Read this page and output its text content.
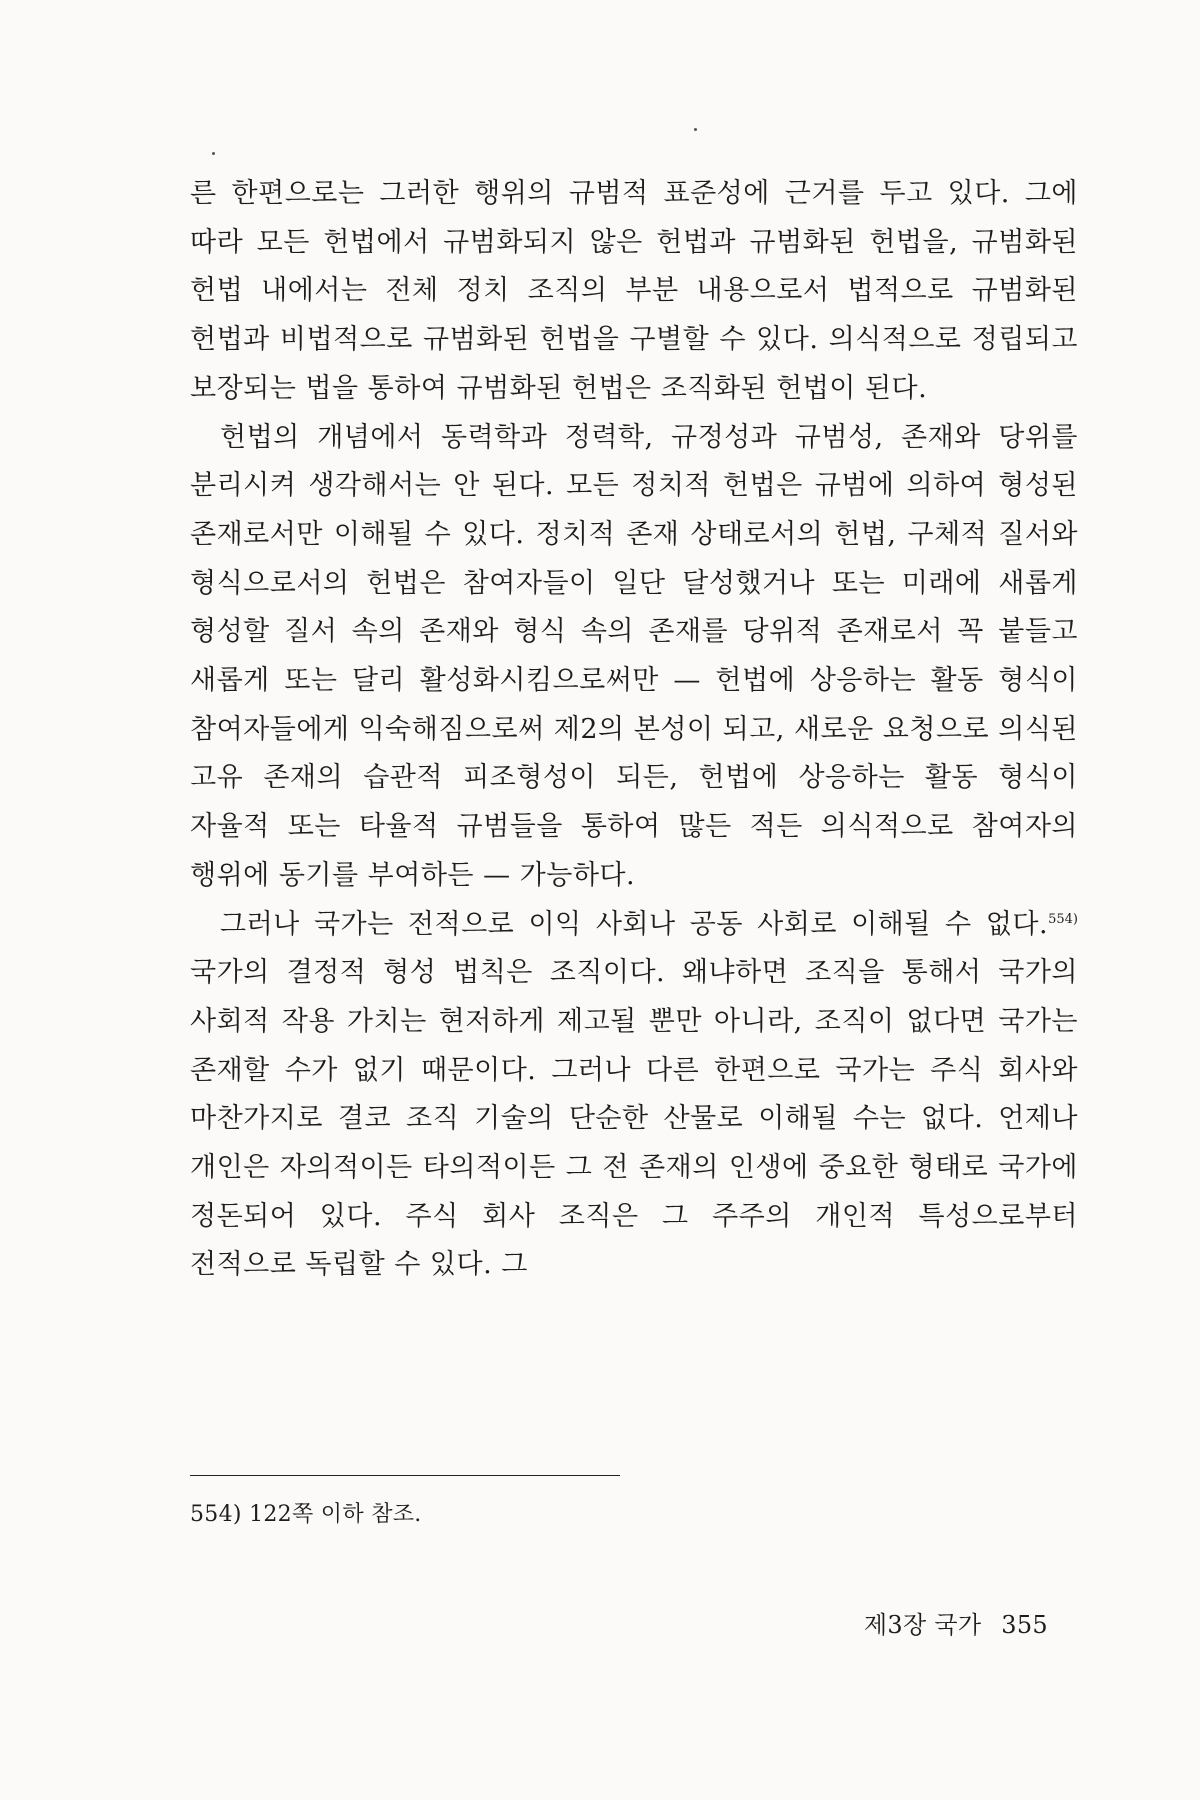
른 한편으로는 그러한 행위의 규범적 표준성에 근거를 두고 있다. 그에 따라 모든 헌법에서 규범화되지 않은 헌법과 규범화된 헌법을, 규범화된 헌법 내에서는 전체 정치 조직의 부분 내용으로서 법적으로 규범화된 헌법과 비법적으로 규범화된 헌법을 구별할 수 있다. 의식적으로 정립되고 보장되는 법을 통하여 규범화된 헌법은 조직화된 헌법이 된다.

헌법의 개념에서 동력학과 정력학, 규정성과 규범성, 존재와 당위를 분리시켜 생각해서는 안 된다. 모든 정치적 헌법은 규범에 의하여 형성된 존재로서만 이해될 수 있다. 정치적 존재 상태로서의 헌법, 구체적 질서와 형식으로서의 헌법은 참여자들이 일단 달성했거나 또는 미래에 새롭게 형성할 질서 속의 존재와 형식 속의 존재를 당위적 존재로서 꼭 붙들고 새롭게 또는 달리 활성화시킴으로써만 — 헌법에 상응하는 활동 형식이 참여자들에게 익숙해짐으로써 제2의 본성이 되고, 새로운 요청으로 의식된 고유 존재의 습관적 피조형성이 되든, 헌법에 상응하는 활동 형식이 자율적 또는 타율적 규범들을 통하여 많든 적든 의식적으로 참여자의 행위에 동기를 부여하든 — 가능하다.

그러나 국가는 전적으로 이익 사회나 공동 사회로 이해될 수 없다.$^{554)}$ 국가의 결정적 형성 법칙은 조직이다. 왜냐하면 조직을 통해서 국가의 사회적 작용 가치는 현저하게 제고될 뿐만 아니라, 조직이 없다면 국가는 존재할 수가 없기 때문이다. 그러나 다른 한편으로 국가는 주식 회사와 마찬가지로 결코 조직 기술의 단순한 산물로 이해될 수는 없다. 언제나 개인은 자의적이든 타의적이든 그 전 존재의 인생에 중요한 형태로 국가에 정돈되어 있다. 주식 회사 조직은 그 주주의 개인적 특성으로부터 전적으로 독립할 수 있다. 그

554) 122쪽 이하 참조.
제3장 국가 355
